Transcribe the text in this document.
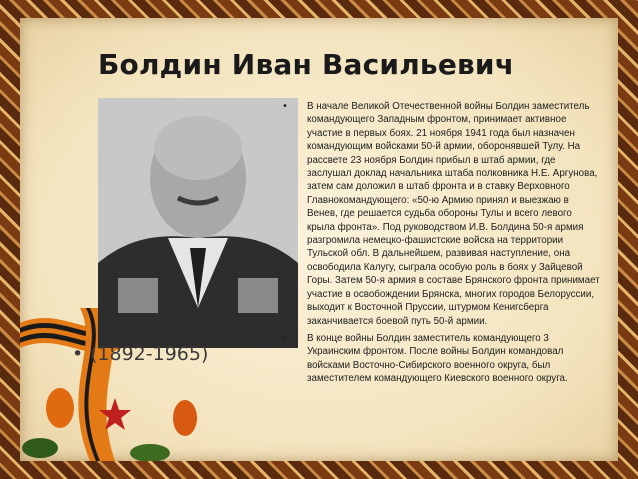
Болдин Иван Васильевич
• (1892-1965)
•	В начале Великой Отечественной войны Болдин заместитель командующего Западным фронтом, принимает активное участие в первых боях. 21 ноября 1941 года был назначен командующим войсками 50-й армии, оборонявшей Тулу. На рассвете 23 ноября Болдин прибыл в штаб армии, где заслушал доклад начальника штаба полковника Н.Е. Аргунова, затем сам доложил в штаб фронта и в ставку Верховного Главнокомандующего: «50-ю Армию принял и выезжаю в Венев, где решается судьба обороны Тулы и всего левого крыла фронта». Под руководством И.В. Болдина 50-я армия разгромила немецко-фашистские войска на территории Тульской обл. В дальнейшем, развивая наступление, она освободила Калугу, сыграла особую роль в боях у Зайцевой Горы. Затем 50-я армия в составе Брянского фронта принимает участие в освобождении Брянска, многих городов Белоруссии, выходит к Восточной Пруссии, штурмом Кенигсберга заканчивается боевой путь 50-й армии.
•	В конце войны Болдин заместитель командующего 3 Украинским фронтом. После войны Болдин командовал войсками Восточно-Сибирского военного округа, был заместителем командующего Киевского военного округа.
